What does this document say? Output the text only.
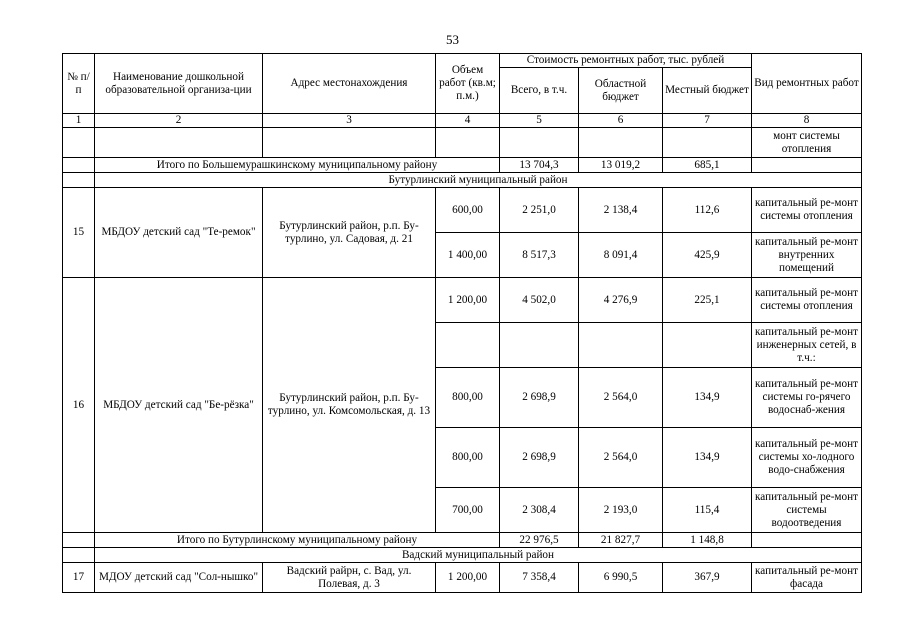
53
№ п/п	Наименование дошкольной образовательной организа-ции	Адрес местонахождения	Объем работ (кв.м; п.м.)	Стоимость ремонтных работ, тыс. рублей			Вид ремонтных работ
				Всего, в т.ч.	Областной бюджет	Местный бюджет	
1	2	3	4	5	6	7	8
							монт системы отопления
	Итого по Большемурашкинскому муниципальному району			13 704,3	13 019,2	685,1	
	Бутурлинский муниципальный район						
15	МБДОУ детский сад "Те-ремок"	Бутурлинский район, р.п. Бу-турлино, ул. Садовая, д. 21	600,00	2 251,0	2 138,4	112,6	капитальный ре-монт системы отопления
			1 400,00	8 517,3	8 091,4	425,9	капитальный ре-монт внутренних помещений
16	МБДОУ детский сад "Бе-рёзка"	Бутурлинский район, р.п. Бу-турлино, ул. Комсомольская, д. 13	1 200,00	4 502,0	4 276,9	225,1	капитальный ре-монт системы отопления
							капитальный ре-монт инженерных сетей, в т.ч.:
			800,00	2 698,9	2 564,0	134,9	капитальный ре-монт системы го-рячего водоснаб-жения
			800,00	2 698,9	2 564,0	134,9	капитальный ре-монт системы хо-лодного водо-снабжения
			700,00	2 308,4	2 193,0	115,4	капитальный ре-монт системы водоотведения
	Итого по Бутурлинскому муниципальному району			22 976,5	21 827,7	1 148,8	
	Вадский муниципальный район						
17	МДОУ детский сад "Сол-нышко"	Вадский райрн, с. Вад, ул. Полевая, д. 3	1 200,00	7 358,4	6 990,5	367,9	капитальный ре-монт фасада
